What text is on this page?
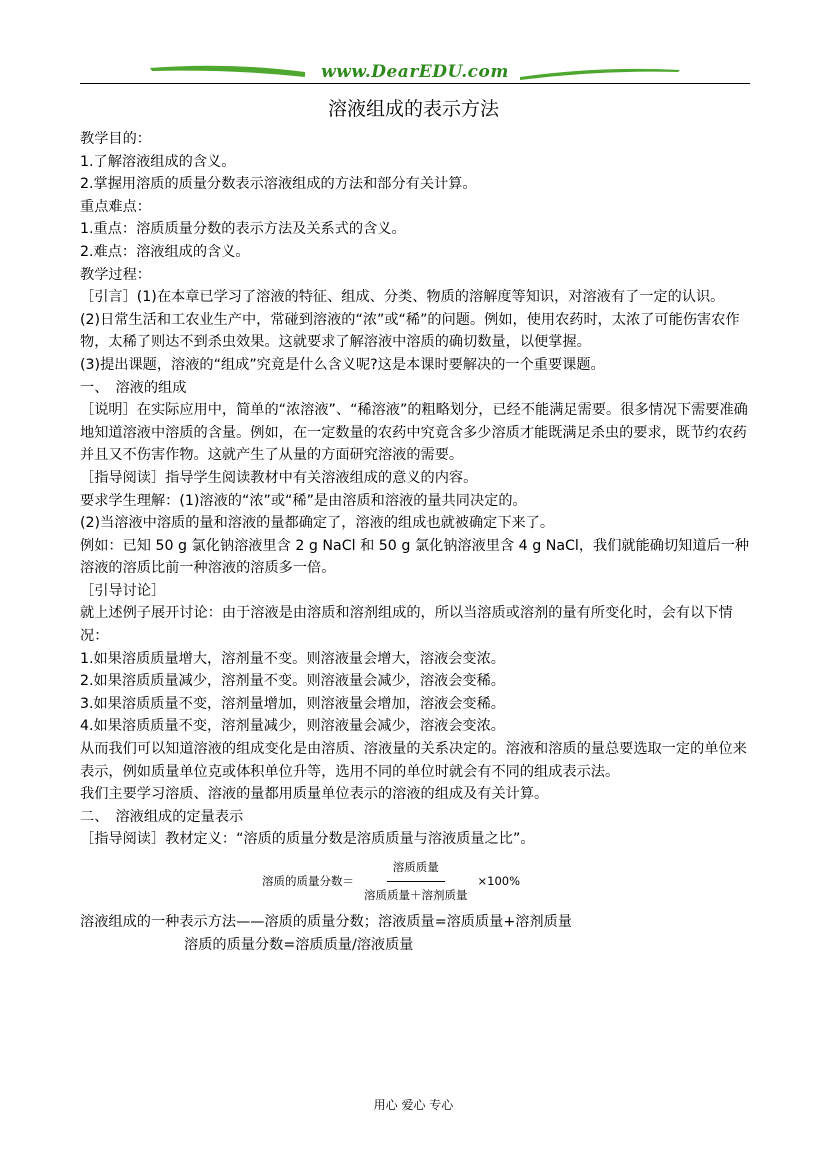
www.DearEDU.com
溶液组成的表示方法

教学目的：

1.了解溶液组成的含义。

2.掌握用溶质的质量分数表示溶液组成的方法和部分有关计算。

重点难点：

1.重点：溶质质量分数的表示方法及关系式的含义。

2.难点：溶液组成的含义。

教学过程：

［引言］(1)在本章已学习了溶液的特征、组成、分类、物质的溶解度等知识，对溶液有了一定的认识。

(2)日常生活和工农业生产中，常碰到溶液的“浓”或“稀”的问题。例如，使用农药时，太浓了可能伤害农作物，太稀了则达不到杀虫效果。这就要求了解溶液中溶质的确切数量，以便掌握。

(3)提出课题，溶液的“组成”究竟是什么含义呢?这是本课时要解决的一个重要课题。

一、　溶液的组成

［说明］在实际应用中，简单的“浓溶液”、“稀溶液”的粗略划分，已经不能满足需要。很多情况下需要准确地知道溶液中溶质的含量。例如，在一定数量的农药中究竟含多少溶质才能既满足杀虫的要求，既节约农药并且又不伤害作物。这就产生了从量的方面研究溶液的需要。

［指导阅读］指导学生阅读教材中有关溶液组成的意义的内容。

要求学生理解：(1)溶液的“浓”或“稀”是由溶质和溶液的量共同决定的。

(2)当溶液中溶质的量和溶液的量都确定了，溶液的组成也就被确定下来了。

例如：已知 50 g 氯化钠溶液里含 2 g NaCl 和 50 g 氯化钠溶液里含 4 g NaCl，我们就能确切知道后一种溶液的溶质比前一种溶液的溶质多一倍。

［引导讨论］

就上述例子展开讨论：由于溶液是由溶质和溶剂组成的，所以当溶质或溶剂的量有所变化时，会有以下情况：

1.如果溶质质量增大，溶剂量不变。则溶液量会增大，溶液会变浓。

2.如果溶质质量减少，溶剂量不变。则溶液量会减少，溶液会变稀。

3.如果溶质质量不变，溶剂量增加，则溶液量会增加，溶液会变稀。

4.如果溶质质量不变，溶剂量减少，则溶液量会减少，溶液会变浓。

从而我们可以知道溶液的组成变化是由溶质、溶液量的关系决定的。溶液和溶质的量总要选取一定的单位来表示，例如质量单位克或体积单位升等，选用不同的单位时就会有不同的组成表示法。

我们主要学习溶质、溶液的量都用质量单位表示的溶液的组成及有关计算。

二、　溶液组成的定量表示

［指导阅读］教材定义：“溶质的质量分数是溶质质量与溶液质量之比”。

溶质的质量分数＝ $\frac{\text{溶质质量}}{\text{溶质质量＋溶剂质量}} \times 100\%$

溶液组成的一种表示方法——溶质的质量分数；溶液质量=溶质质量+溶剂质量

溶质的质量分数=溶质质量/溶液质量

用心 爱心 专心
